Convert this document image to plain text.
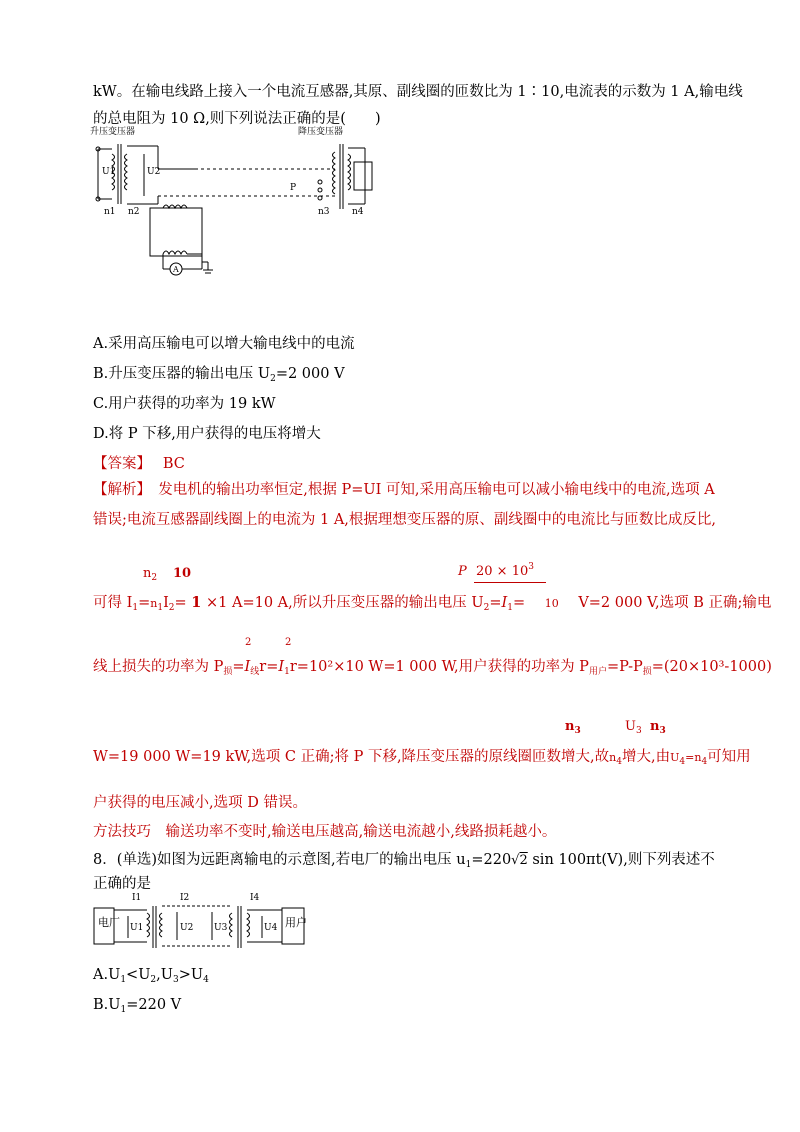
kW。在输电线路上接入一个电流互感器,其原、副线圈的匝数比为 1∶10,电流表的示数为 1 A,输电线
的总电阻为 10 Ω,则下列说法正确的是(　　)
升压变压器	降压变压器
U1	U2
n1 n2	n3 n4
P
A
A.采用高压输电可以增大输电线中的电流
B.升压变压器的输出电压 $U_2=2$ 000 V
C.用户获得的功率为 19 kW
D.将 P 下移,用户获得的电压将增大
【答案】　 BC
【解析】　 发电机的输出功率恒定,根据 P=UI 可知,采用高压输电可以减小输电线中的电流,选项 A
错误;电流互感器副线圈上的电流为 1 A,根据理想变压器的原、副线圈中的电流比与匝数比成反比,
$n_2$ 10	P $20 \times 10^3$
可得 $I_1=n_1I_2= 1 \times 1$ A=10 A,所以升压变压器的输出电压 $U_2=I_1= 10$ V=2 000 V,选项 B 正确;输电
2	2
线上损失的功率为 $P_损=I_线r=I_1r=10^2\times 10$ W=1 000 W,用户获得的功率为 $P_{用户}=P-P_损=(20\times 10^3-1000)$
$n_3$	$U_3$ $n_3$
W=19 000 W=19 kW,选项 C 正确;将 P 下移,降压变压器的原线圈匝数增大,故$n_4$增大,由$U_4=n_4$可知用
户获得的电压减小,选项 D 错误。
方法技巧　 输送功率不变时,输送电压越高,输送电流越小,线路损耗越小。
8．(单选)如图为远距离输电的示意图,若电厂的输出电压 $u_1=220√2$ sin 100πt(V),则下列表述不
正确的是
电厂	用户
I1	I2	I4
U1	U2 U3	U4
$A.U_1<U_2,U_3>U_4$
$B.U_1=220$ V
